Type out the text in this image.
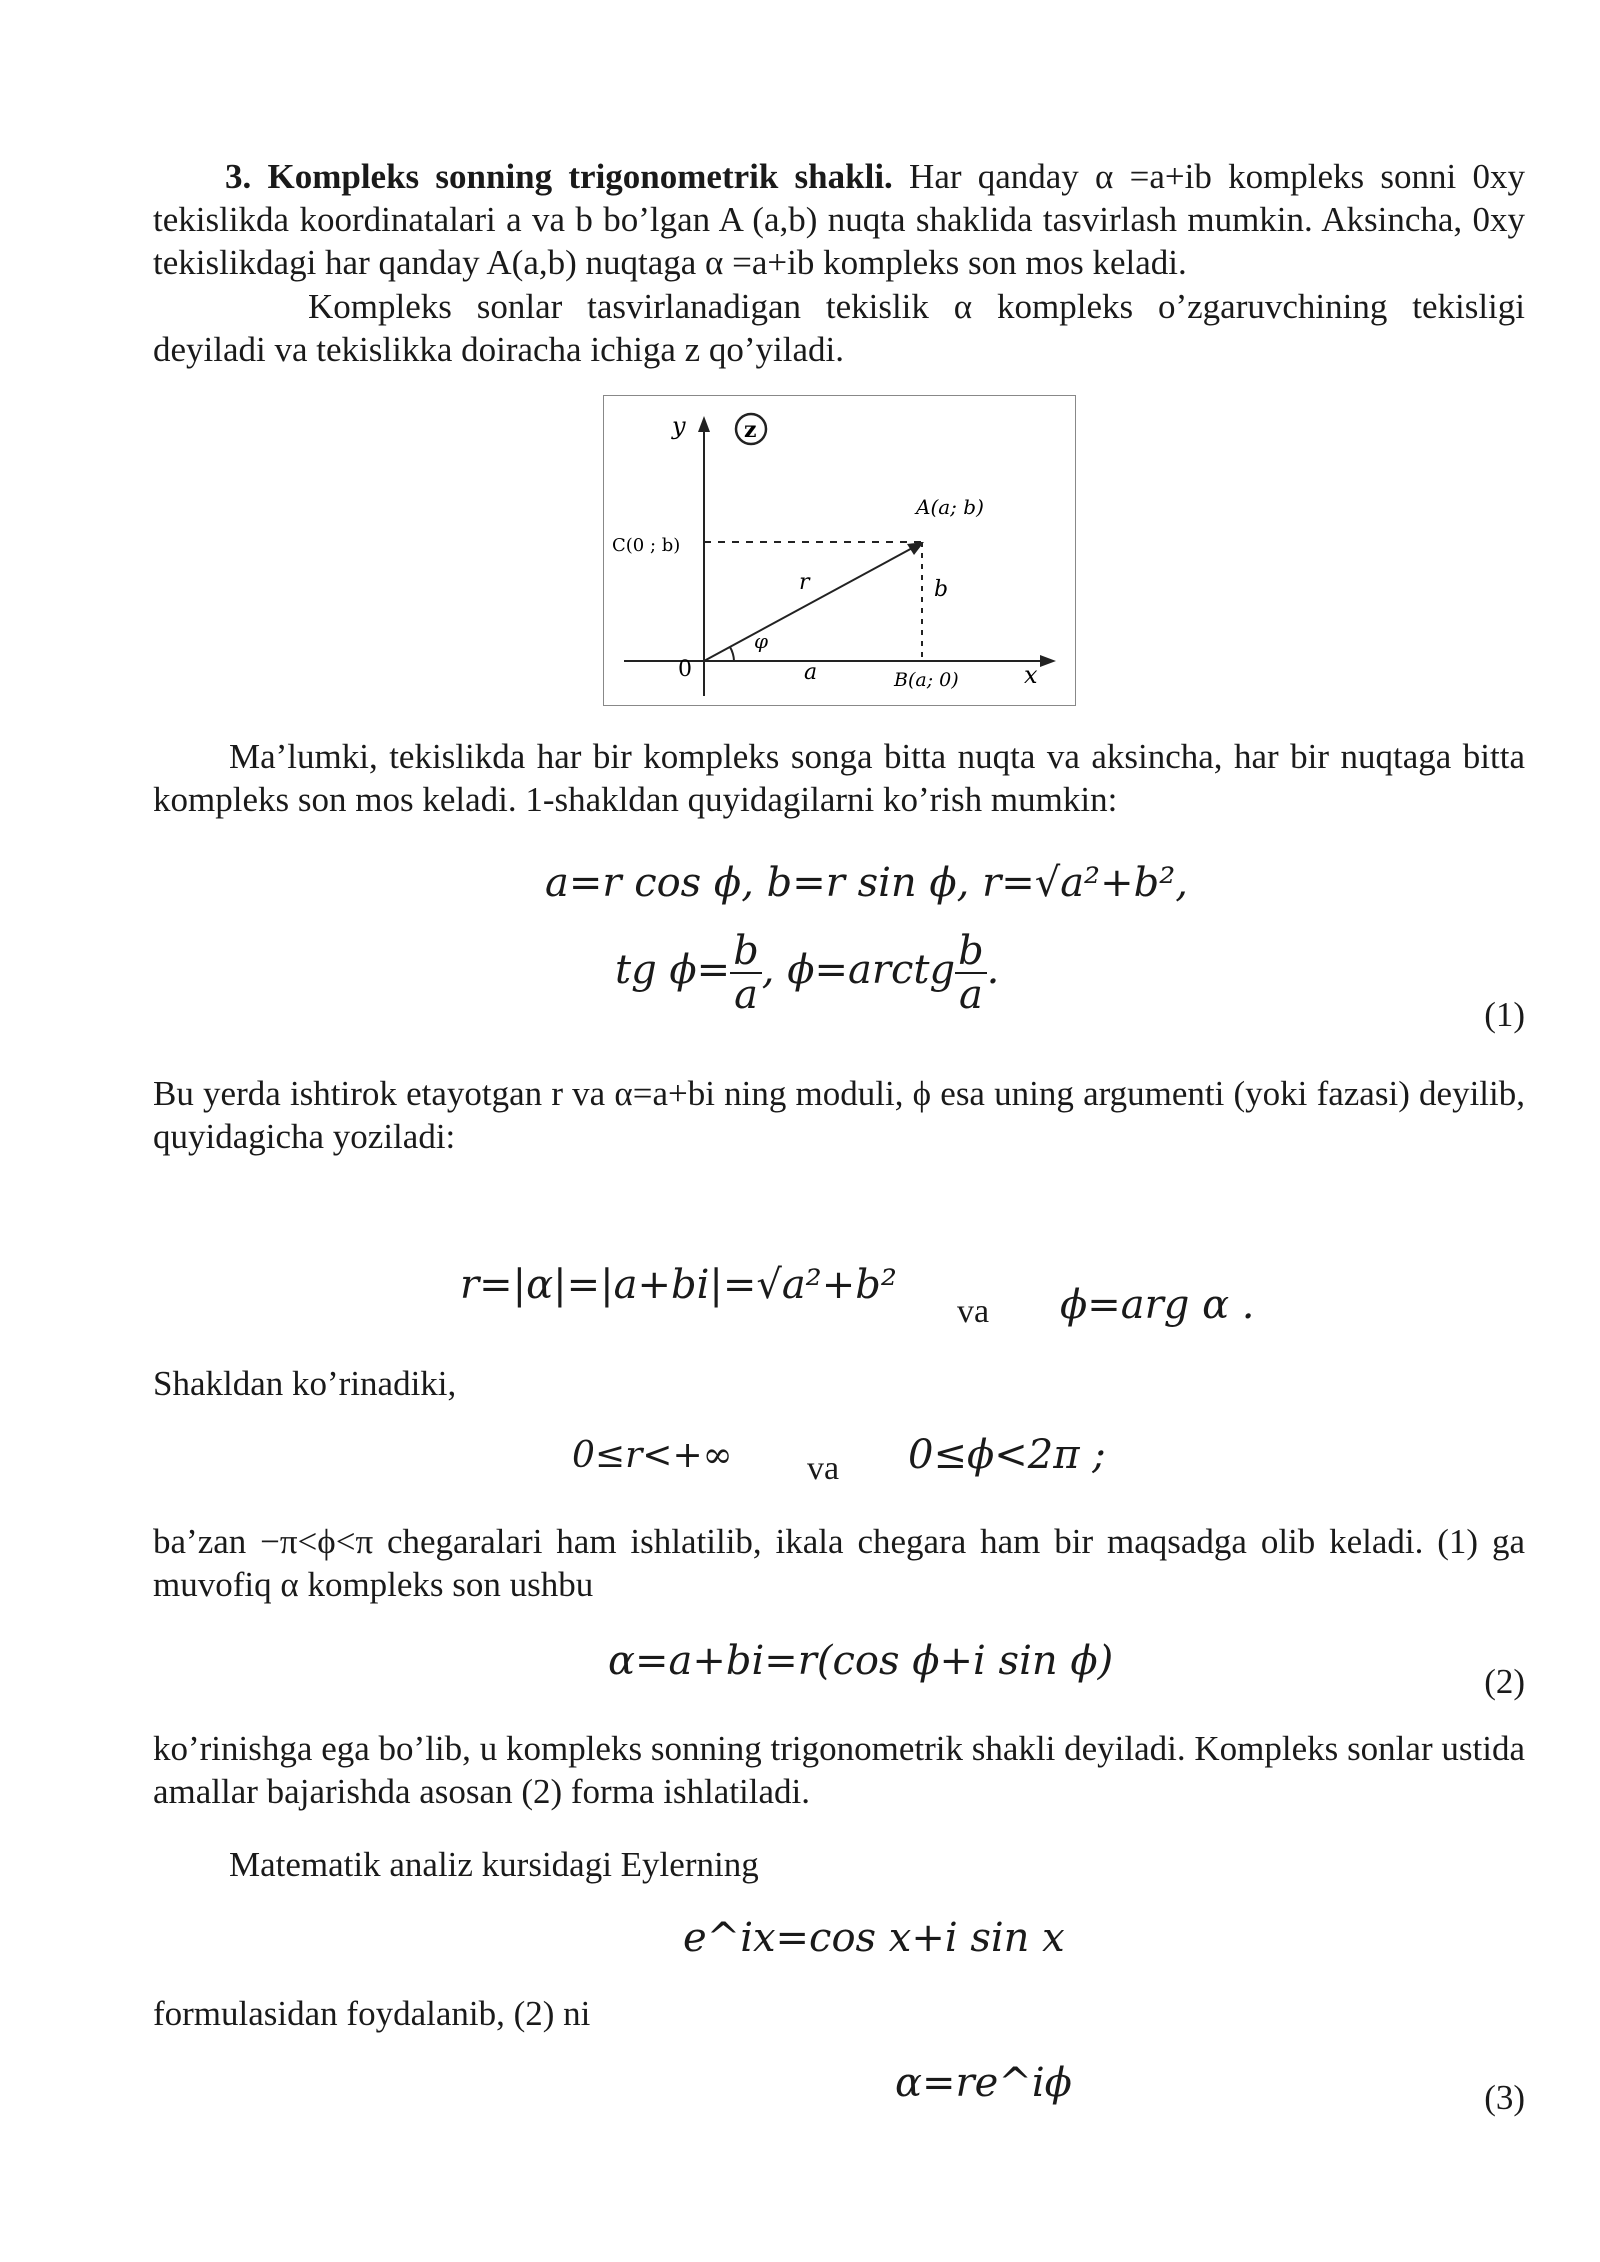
3. Kompleks sonning trigonometrik shakli. Har qanday α =a+ib kompleks sonni 0xy tekislikda koordinatalari a va b bo’lgan A (a,b) nuqta shaklida tasvirlash mumkin. Aksincha, 0xy tekislikdagi har qanday A(a,b) nuqtaga α =a+ib kompleks son mos keladi.

Kompleks sonlar tasvirlanadigan tekislik α kompleks o’zgaruvchining tekisligi deyiladi va tekislikka doiracha ichiga z qo’yiladi.

y	z
0	x
A(a; b)
C(0 ; b)
B(a; 0)
r
φ
a
b

Ma’lumki, tekislikda har bir kompleks songa bitta nuqta va aksincha, har bir nuqtaga bitta kompleks son mos keladi. 1-shakldan quyidagilarni ko’rish mumkin:

a=r cos ϕ, b=r sin ϕ, r=√a²+b²,
tg $\phi= \frac{b}{a}$ , ϕ=arctg $\frac{b}{a}$ .
(1)

Bu yerda ishtirok etayotgan r va α=a+bi ning moduli, ϕ esa uning argumenti (yoki fazasi) deyilib, quyidagicha yoziladi:

r=|α|=|a+bi|=√a²+b²
va ϕ=arg α .

Shakldan ko’rinadiki,

0≤r<+∞ va 0≤ϕ<2π ;

ba’zan −π<ϕ<π chegaralari ham ishlatilib, ikala chegara ham bir maqsadga olib keladi. (1) ga muvofiq α kompleks son ushbu

α=a+bi=r(cos ϕ+i sin ϕ)	(2)

ko’rinishga ega bo’lib, u kompleks sonning trigonometrik shakli deyiladi. Kompleks sonlar ustida amallar bajarishda asosan (2) forma ishlatiladi.

Matematik analiz kursidagi Eylerning

e^ix=cos x+i sin x

formulasidan foydalanib, (2) ni

α=re^iϕ	(3)
